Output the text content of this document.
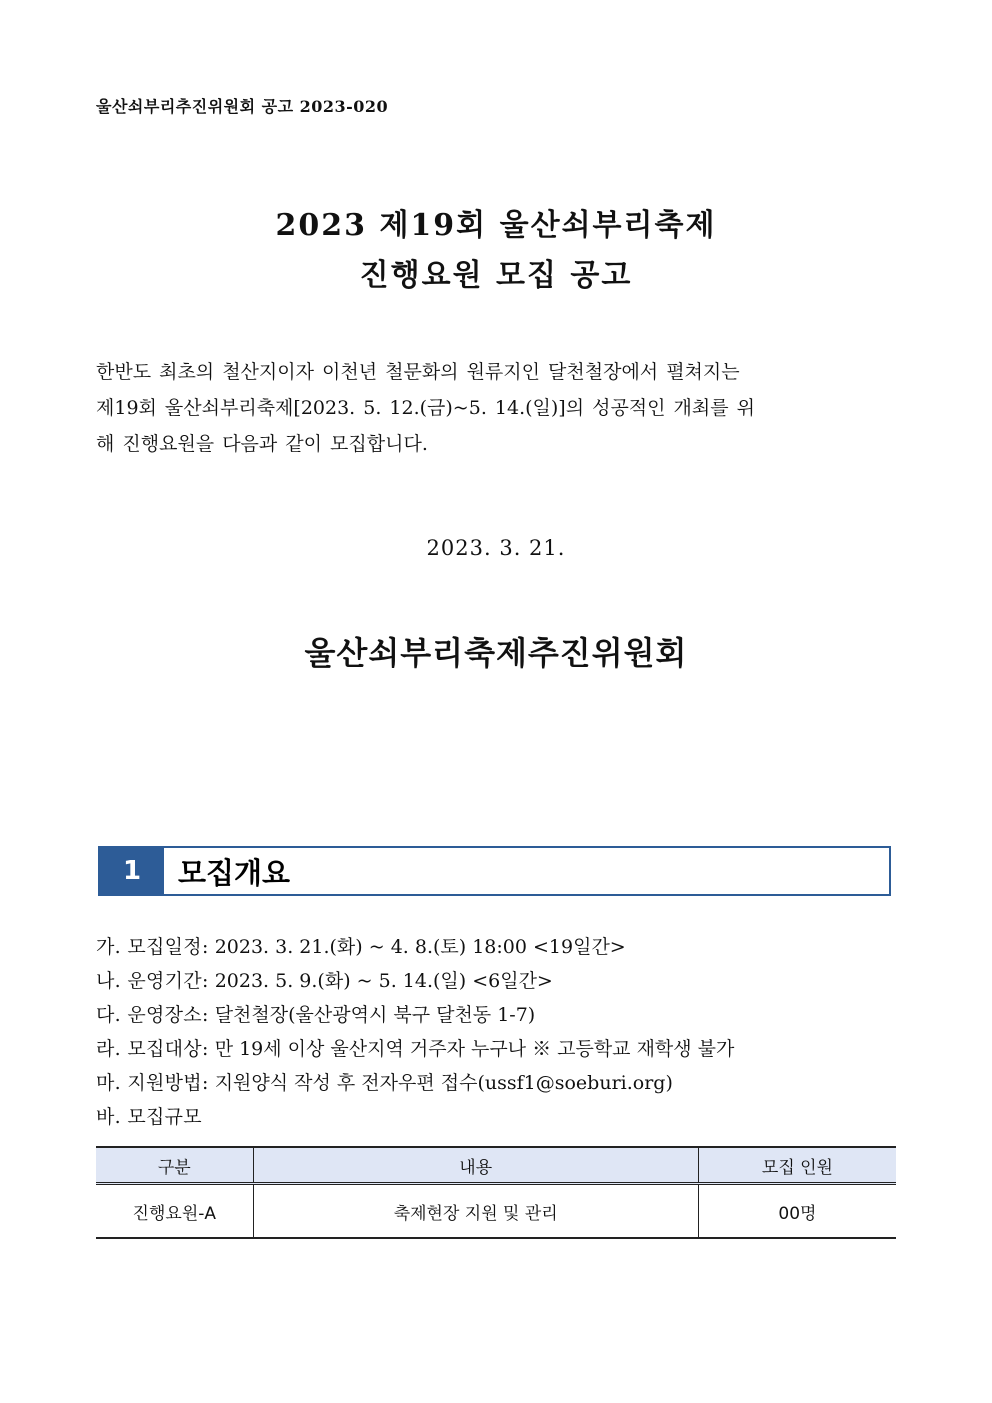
울산쇠부리추진위원회 공고 2023-020
2023 제19회 울산쇠부리축제
진행요원 모집 공고

한반도 최초의 철산지이자 이천년 철문화의 원류지인 달천철장에서 펼쳐지는

제19회 울산쇠부리축제[2023. 5. 12.(금)~5. 14.(일)]의 성공적인 개최를 위

해 진행요원을 다음과 같이 모집합니다.

2023. 3. 21.
울산쇠부리축제추진위원회
1	모집개요
가. 모집일정: 2023. 3. 21.(화) ~ 4. 8.(토) 18:00 <19일간>
나. 운영기간: 2023. 5. 9.(화) ~ 5. 14.(일) <6일간>
다. 운영장소: 달천철장(울산광역시 북구 달천동 1-7)
라. 모집대상: 만 19세 이상 울산지역 거주자 누구나 ※ 고등학교 재학생 불가
마. 지원방법: 지원양식 작성 후 전자우편 접수(ussf1@soeburi.org)
바. 모집규모
구분	내용	모집 인원
진행요원-A	축제현장 지원 및 관리	00명
